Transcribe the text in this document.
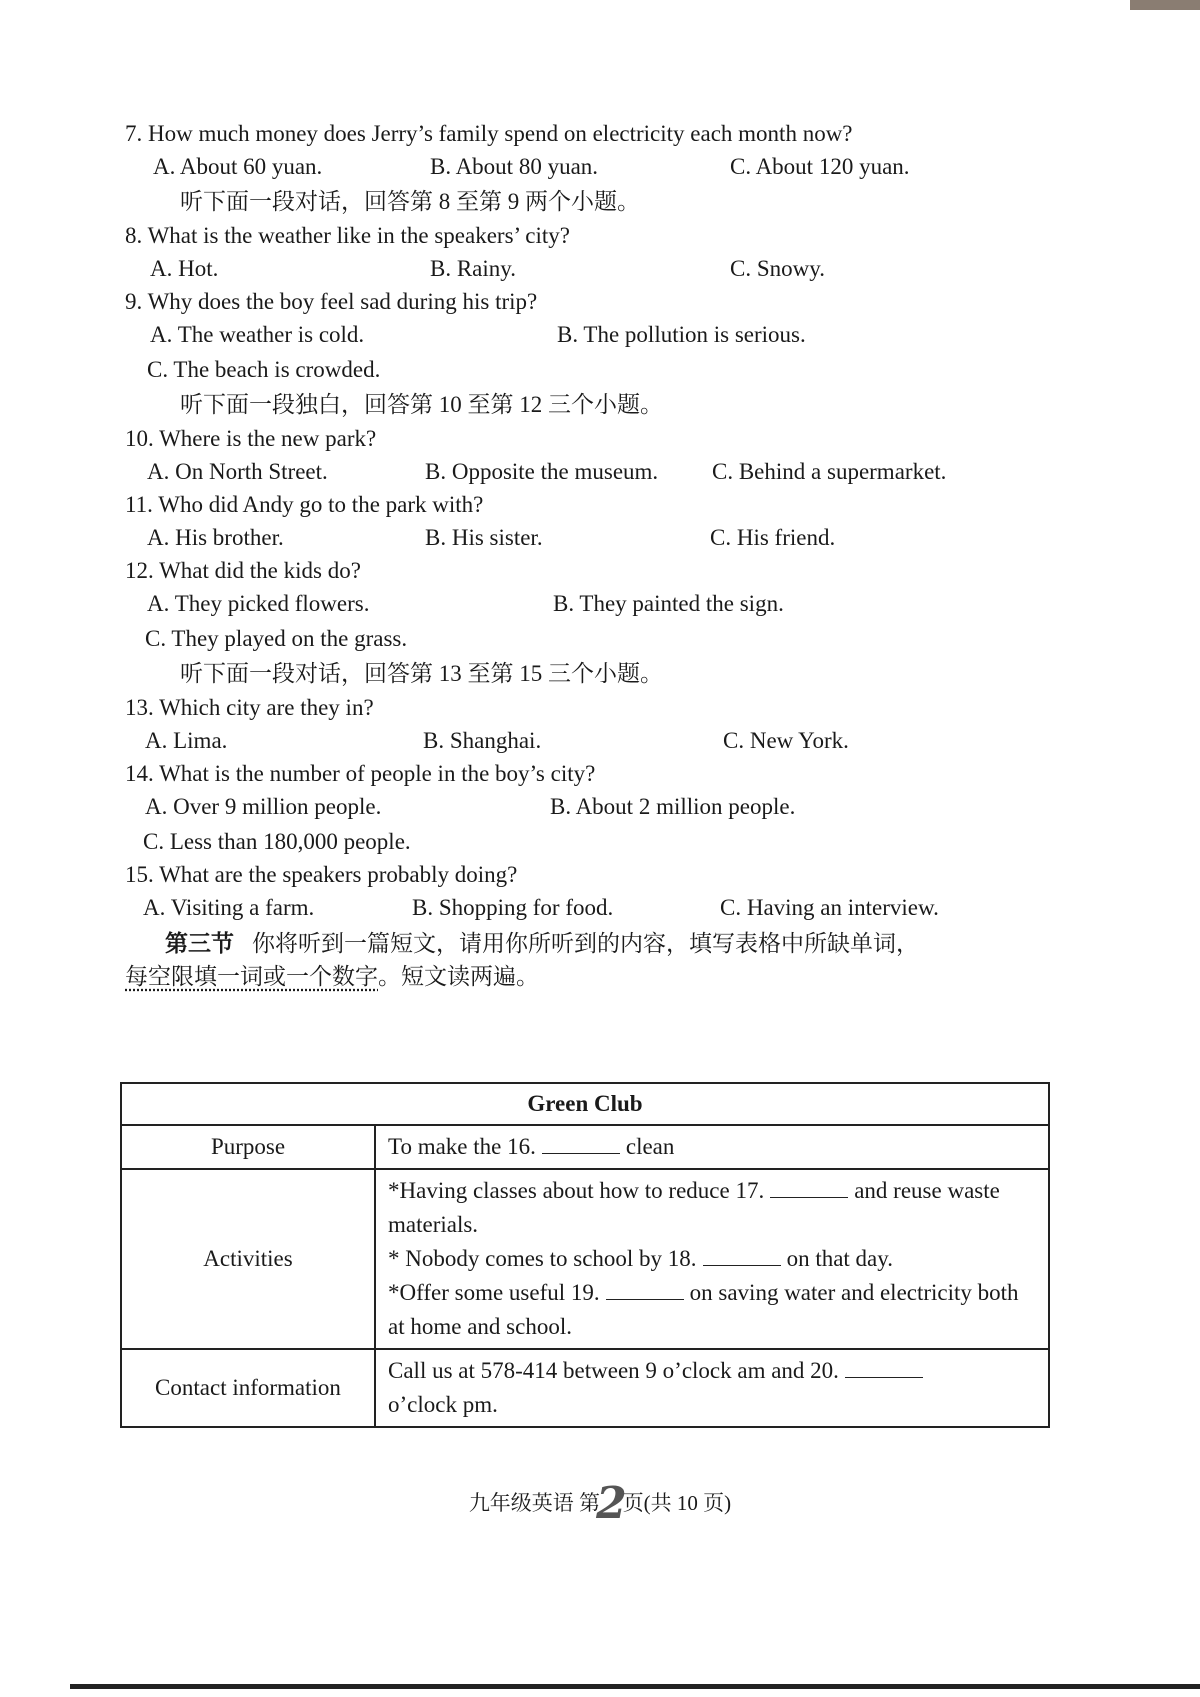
7. How much money does Jerry’s family spend on electricity each month now?
A. About 60 yuan.	B. About 80 yuan.	C. About 120 yuan.
听下面一段对话，回答第 8 至第 9 两个小题。
8. What is the weather like in the speakers’ city?
A. Hot.	B. Rainy.	C. Snowy.
9. Why does the boy feel sad during his trip?
A. The weather is cold.	B. The pollution is serious.
C. The beach is crowded.
听下面一段独白，回答第 10 至第 12 三个小题。
10. Where is the new park?
A. On North Street.	B. Opposite the museum. C. Behind a supermarket.
11. Who did Andy go to the park with?
A. His brother.	B. His sister.	C. His friend.
12. What did the kids do?
A. They picked flowers.	B. They painted the sign.
C. They played on the grass.
听下面一段对话，回答第 13 至第 15 三个小题。
13. Which city are they in?
A. Lima.	B. Shanghai.	C. New York.
14. What is the number of people in the boy’s city?
A. Over 9 million people.	B. About 2 million people.
C. Less than 180,000 people.
15. What are the speakers probably doing?
A. Visiting a farm.	B. Shopping for food.	C. Having an interview.
第三节 你将听到一篇短文，请用你所听到的内容，填写表格中所缺单词，
每空限填一词或一个数字。短文读两遍。
Green Club	
Purpose	To make the 16. clean
Activities	*Having classes about how to reduce 17. and reuse waste materials.
* Nobody comes to school by 18. on that day.
*Offer some useful 19. on saving water and electricity both at home and school.

Contact information	Call us at 578-414 between 9 o’clock am and 20.
o’clock pm.
九年级英语 第2页(共 10 页)
